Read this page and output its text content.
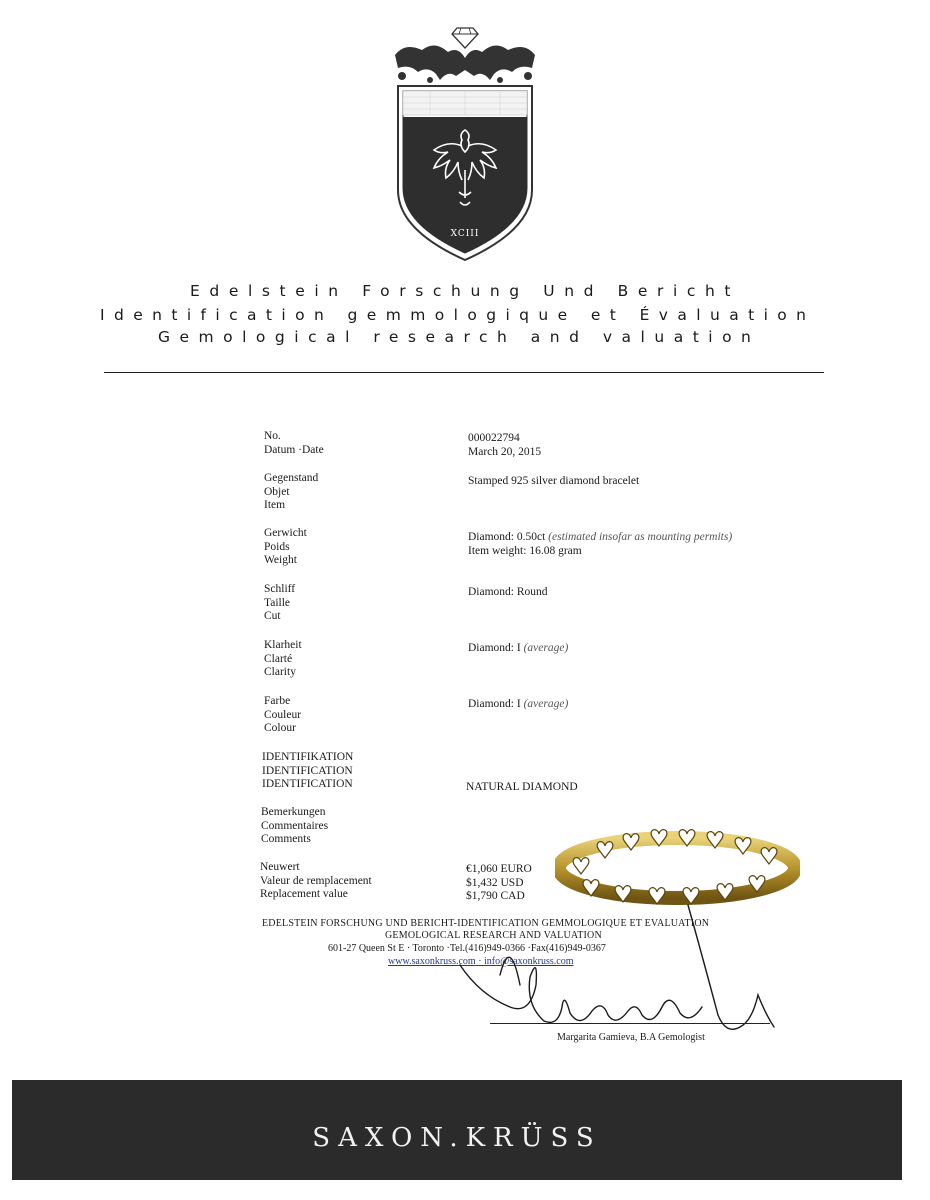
XCIII
Edelstein Forschung Und Bericht
Identification gemmologique et Évaluation
Gemological research and valuation
No.
Datum ·Date
000022794
March 20, 2015
Gegenstand
Objet
Item
Stamped 925 silver diamond bracelet
Gerwicht
Poids
Weight
Diamond: 0.50ct (estimated insofar as mounting permits)
Item weight: 16.08 gram
Schliff
Taille
Cut
Diamond: Round
Klarheit
Clarté
Clarity
Diamond: I (average)
Farbe
Couleur
Colour
Diamond: I (average)
IDENTIFIKATION
IDENTIFICATION
IDENTIFICATION	NATURAL DIAMOND
Bemerkungen
Commentaires
Comments
Neuwert
Valeur de remplacement
Replacement value
€1,060 EURO
$1,432 USD
$1,790 CAD
EDELSTEIN FORSCHUNG UND BERICHT-IDENTIFICATION GEMMOLOGIQUE ET EVALUATION
GEMOLOGICAL RESEARCH AND VALUATION
601-27 Queen St E · Toronto ·Tel.(416)949-0366 ·Fax(416)949-0367
www.saxonkruss.com · info@saxonkruss.com
Margarita Gamieva, B.A Gemologist
SAXON.KRÜSS
